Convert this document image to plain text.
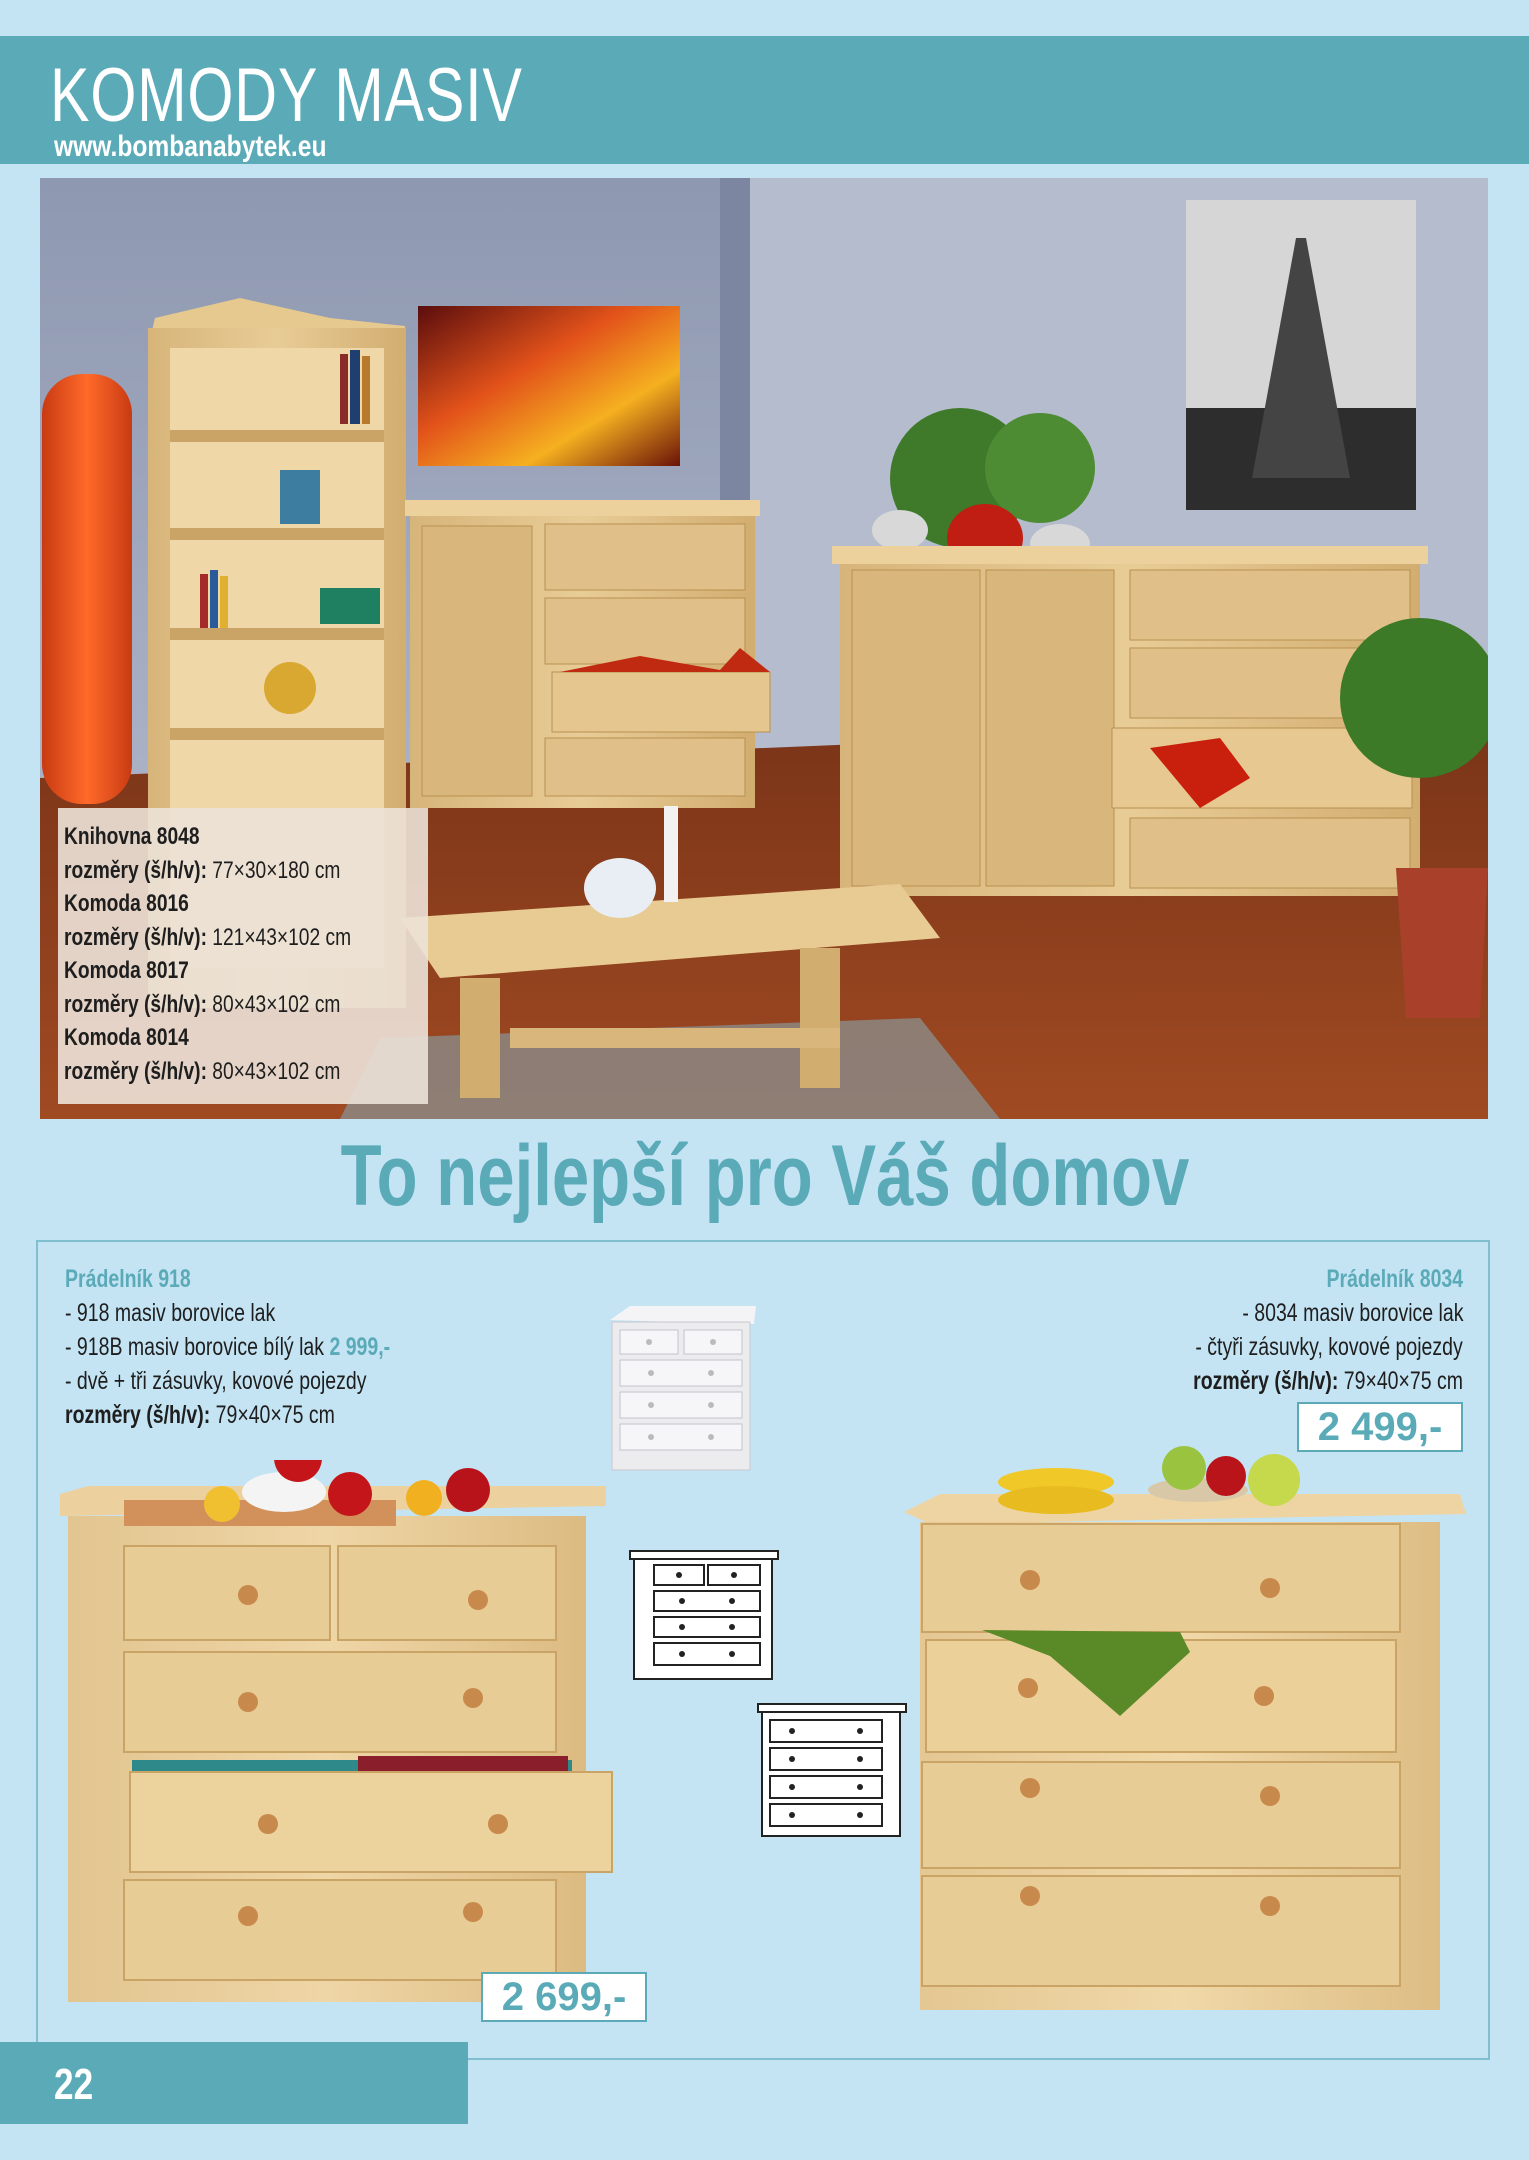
KOMODY MASIV
www.bombanabytek.eu
Knihovna 8048
rozměry (š/h/v): 77×30×180 cm
Komoda 8016
rozměry (š/h/v): 121×43×102 cm
Komoda 8017
rozměry (š/h/v): 80×43×102 cm
Komoda 8014
rozměry (š/h/v): 80×43×102 cm
To nejlepší pro Váš domov
Prádelník 918
- 918 masiv borovice lak
- 918B masiv borovice bílý lak 2 999,-
- dvě + tři zásuvky, kovové pojezdy
rozměry (š/h/v): 79×40×75 cm
Prádelník 8034
- 8034 masiv borovice lak
- čtyři zásuvky, kovové pojezdy
rozměry (š/h/v): 79×40×75 cm
2 699,-
2 499,-
22
